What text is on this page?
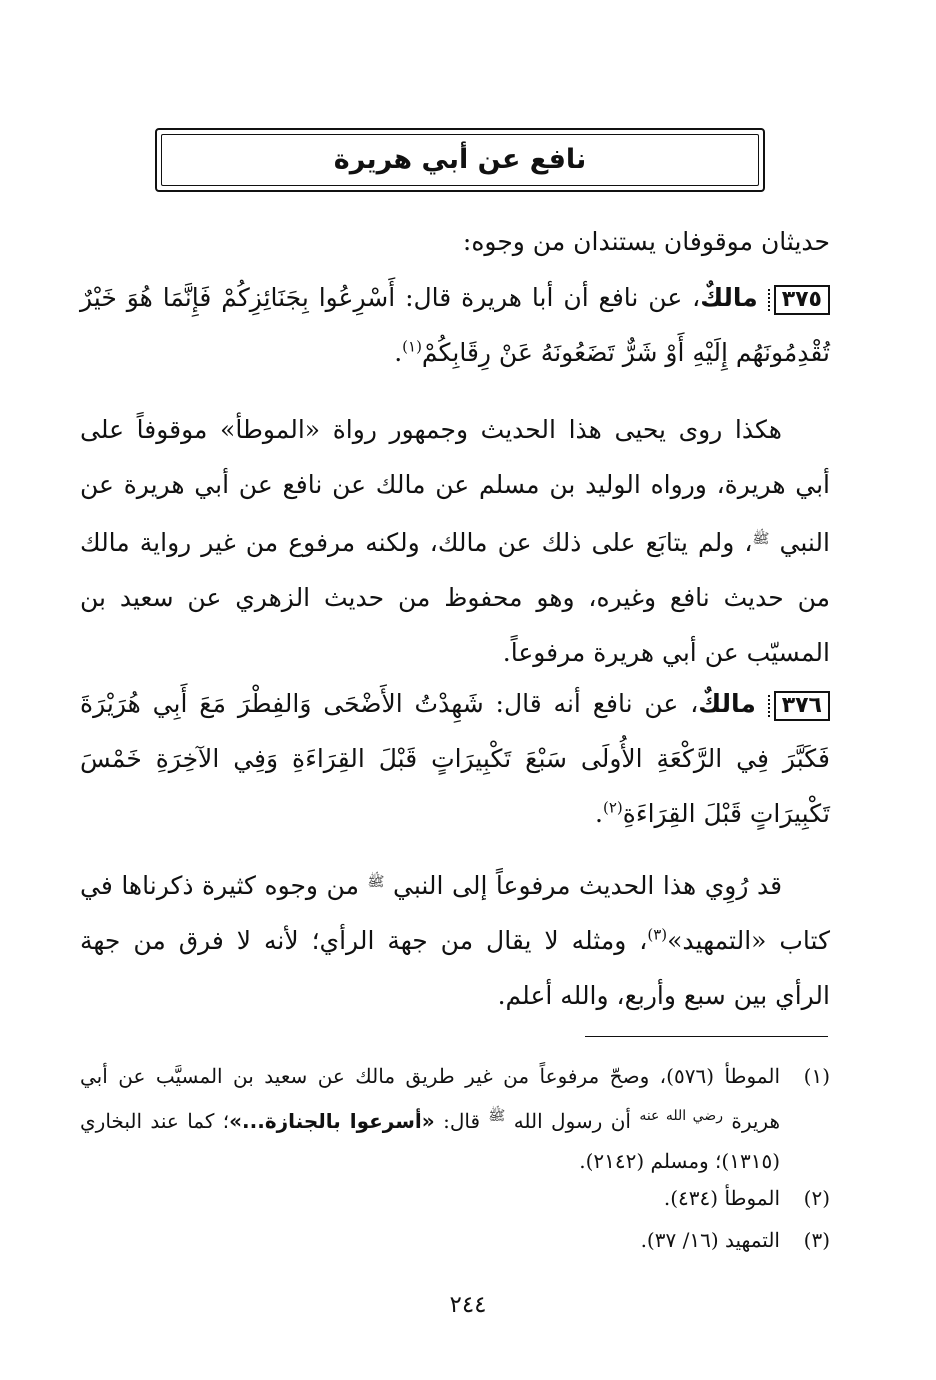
نافع عن أبي هريرة

حديثان موقوفان يستندان من وجوه:

٣٧٥ مالكٌ، عن نافع أن أبا هريرة قال: أَسْرِعُوا بِجَنَائِزِكُمْ فَإِنَّمَا هُوَ خَيْرٌ تُقْدِمُونَهُم إِلَيْهِ أَوْ شَرٌّ تَضَعُونَهُ عَنْ رِقَابِكُمْ$^{(١)}$.

هكذا روى يحيى هذا الحديث وجمهور رواة «الموطأ» موقوفاً على أبي هريرة، ورواه الوليد بن مسلم عن مالك عن نافع عن أبي هريرة عن النبي $^ﷺ$، ولم يتابَع على ذلك عن مالك، ولكنه مرفوع من غير رواية مالك من حديث نافع وغيره، وهو محفوظ من حديث الزهري عن سعيد بن المسيّب عن أبي هريرة مرفوعاً.

٣٧٦ مالكٌ، عن نافع أنه قال: شَهِدْتُ الأَضْحَى وَالفِطْرَ مَعَ أَبِي هُرَيْرَةَ فَكَبَّرَ فِي الرَّكْعَةِ الأُولَى سَبْعَ تَكْبِيرَاتٍ قَبْلَ القِرَاءَةِ وَفِي الآخِرَةِ خَمْسَ تَكْبِيرَاتٍ قَبْلَ القِرَاءَةِ$^{(٢)}$.

قد رُوِي هذا الحديث مرفوعاً إلى النبي $^ﷺ$ من وجوه كثيرة ذكرناها في كتاب «التمهيد»$^{(٣)}$، ومثله لا يقال من جهة الرأي؛ لأنه لا فرق من جهة الرأي بين سبع وأربع، والله أعلم.

(١)
الموطأ (٥٧٦)، وصحّ مرفوعاً من غير طريق مالك عن سعيد بن المسيَّب عن أبي هريرة $^{رضي الله عنه}$ أن رسول الله $^ﷺ$ قال: «أسرعوا بالجنازة...»؛ كما عند البخاري (١٣١٥)؛ ومسلم (٢١٤٢).

(٢)
الموطأ (٤٣٤).

(٣)
التمهيد (١٦/ ٣٧).

٢٤٤
